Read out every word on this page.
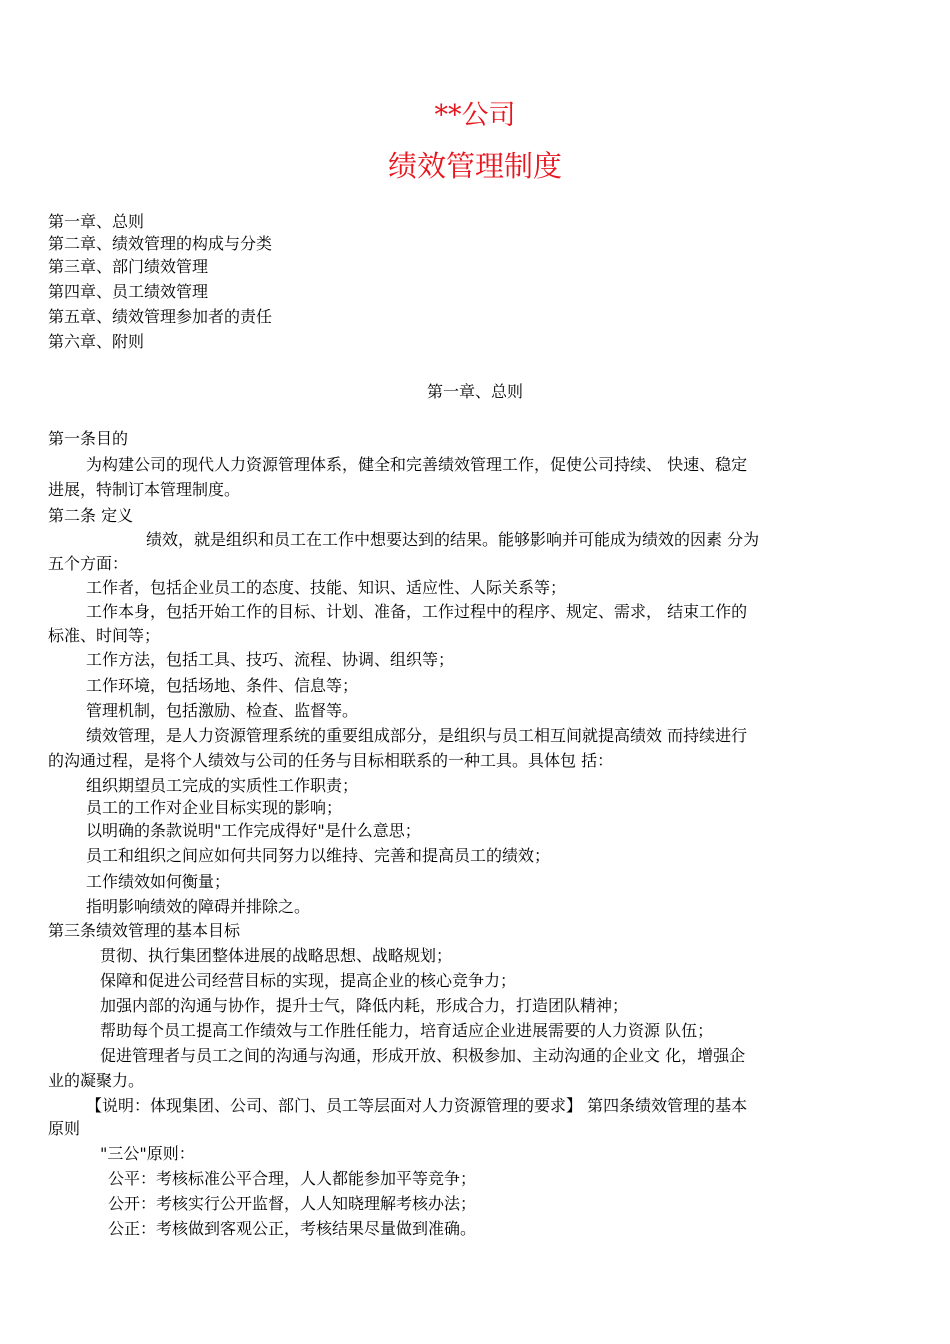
**公司
绩效管理制度
第一章、总则
第二章、绩效管理的构成与分类
第三章、部门绩效管理
第四章、员工绩效管理
第五章、绩效管理参加者的责任
第六章、附则
第一章、总则
第一条目的
为构建公司的现代人力资源管理体系，健全和完善绩效管理工作，促使公司持续、 快速、稳定
进展，特制订本管理制度。
第二条 定义
绩效，就是组织和员工在工作中想要达到的结果。能够影响并可能成为绩效的因素 分为
五个方面：
工作者，包括企业员工的态度、技能、知识、适应性、人际关系等；
工作本身，包括开始工作的目标、计划、准备，工作过程中的程序、规定、需求， 结束工作的
标准、时间等；
工作方法，包括工具、技巧、流程、协调、组织等；
工作环境，包括场地、条件、信息等；
管理机制，包括激励、检查、监督等。
绩效管理，是人力资源管理系统的重要组成部分，是组织与员工相互间就提高绩效 而持续进行
的沟通过程，是将个人绩效与公司的任务与目标相联系的一种工具。具体包 括：
组织期望员工完成的实质性工作职责；
员工的工作对企业目标实现的影响；
以明确的条款说明"工作完成得好"是什么意思；
员工和组织之间应如何共同努力以维持、完善和提高员工的绩效；
工作绩效如何衡量；
指明影响绩效的障碍并排除之。
第三条绩效管理的基本目标
贯彻、执行集团整体进展的战略思想、战略规划；
保障和促进公司经营目标的实现，提高企业的核心竞争力；
加强内部的沟通与协作，提升士气，降低内耗，形成合力，打造团队精神；
帮助每个员工提高工作绩效与工作胜任能力，培育适应企业进展需要的人力资源 队伍；
促进管理者与员工之间的沟通与沟通，形成开放、积极参加、主动沟通的企业文 化，增强企
业的凝聚力。
【说明：体现集团、公司、部门、员工等层面对人力资源管理的要求】 第四条绩效管理的基本
原则
"三公"原则：
公平：考核标准公平合理，人人都能参加平等竞争；
公开：考核实行公开监督，人人知晓理解考核办法；
公正：考核做到客观公正，考核结果尽量做到准确。
